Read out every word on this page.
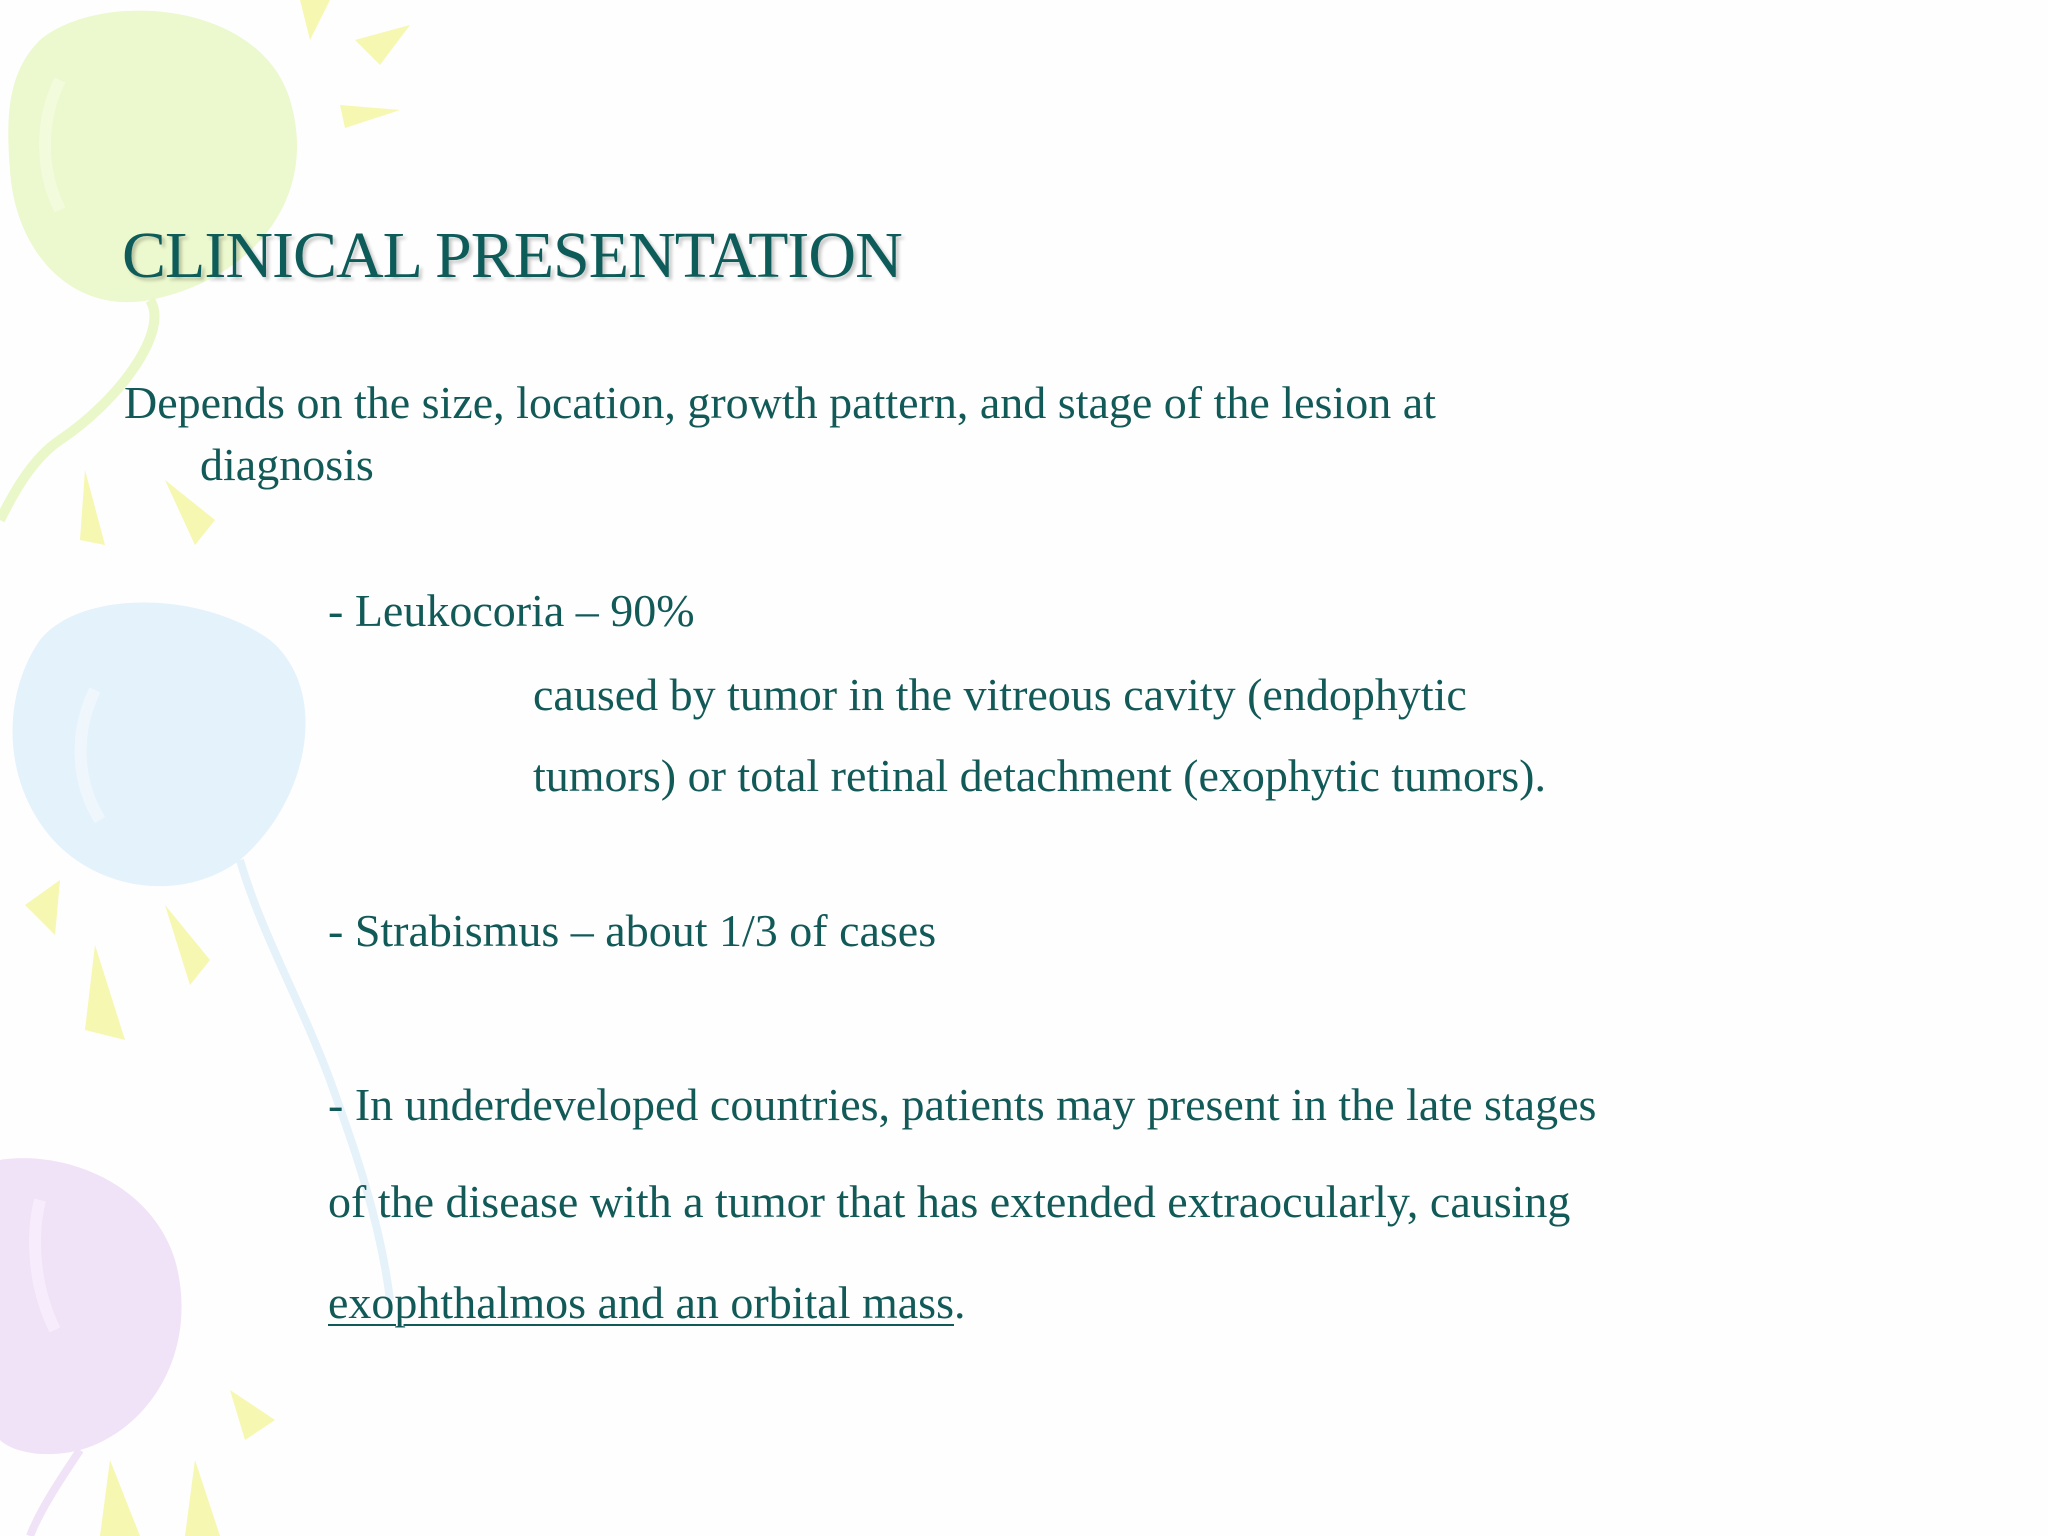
CLINICAL PRESENTATION
Depends on the size, location, growth pattern, and stage of the lesion at
diagnosis
- Leukocoria – 90%
caused by tumor in the vitreous cavity (endophytic
tumors) or total retinal detachment (exophytic tumors).
- Strabismus – about 1/3 of cases
- In underdeveloped countries, patients may present in the late stages
of the disease with a tumor that has extended extraocularly, causing
exophthalmos and an orbital mass.
